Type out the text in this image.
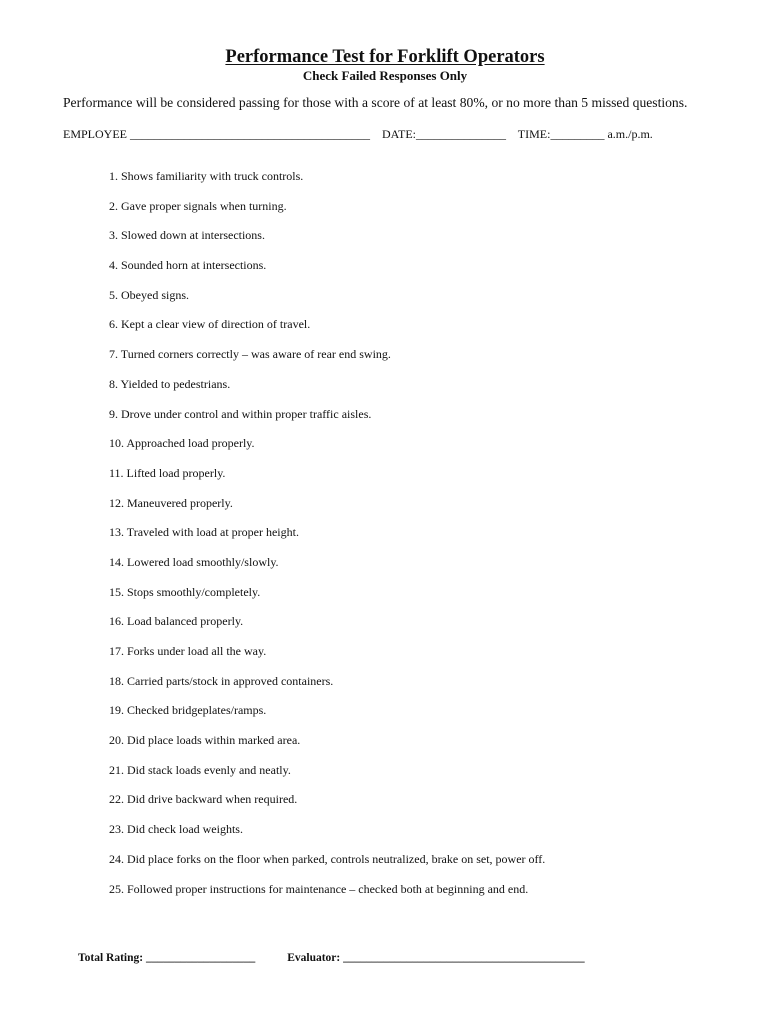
Performance Test for Forklift Operators
Check Failed Responses Only
Performance will be considered passing for those with a score of at least 80%, or no more than 5 missed questions.
EMPLOYEE ________________________________________ DATE:_______________ TIME:_________ a.m./p.m.
1. Shows familiarity with truck controls.
2. Gave proper signals when turning.
3. Slowed down at intersections.
4. Sounded horn at intersections.
5. Obeyed signs.
6. Kept a clear view of direction of travel.
7. Turned corners correctly – was aware of rear end swing.
8. Yielded to pedestrians.
9. Drove under control and within proper traffic aisles.
10. Approached load properly.
11. Lifted load properly.
12. Maneuvered properly.
13. Traveled with load at proper height.
14. Lowered load smoothly/slowly.
15. Stops smoothly/completely.
16. Load balanced properly.
17. Forks under load all the way.
18. Carried parts/stock in approved containers.
19. Checked bridgeplates/ramps.
20. Did place loads within marked area.
21. Did stack loads evenly and neatly.
22. Did drive backward when required.
23. Did check load weights.
24. Did place forks on the floor when parked, controls neutralized, brake on set, power off.
25. Followed proper instructions for maintenance – checked both at beginning and end.
Total Rating: ___________________	Evaluator: __________________________________________
